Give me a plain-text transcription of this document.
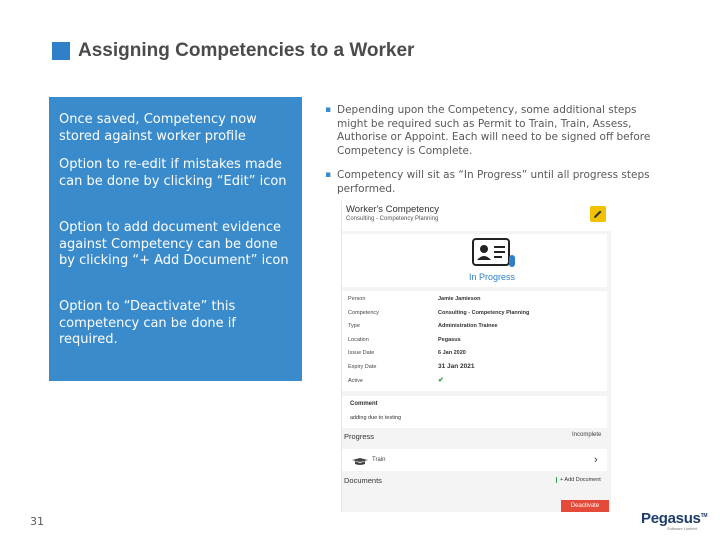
Assigning Competencies to a Worker
Once saved, Competency now stored against worker profile
Option to re-edit if mistakes made can be done by clicking “Edit” icon
Option to add document evidence against Competency can be done by clicking “+ Add Document” icon
Option to “Deactivate” this competency can be done if required.
▪ Depending upon the Competency, some additional steps might be required such as Permit to Train, Train, Assess, Authorise or Appoint. Each will need to be signed off before Competency is Complete.
▪ Competency will sit as “In Progress” until all progress steps performed.
Worker's Competency
Consulting - Competency Planning
In Progress
Person	Jamie Jamieson
Competency	Consulting - Competency Planning
Type	Administration Trainee
Location	Pegasus
Issue Date	6 Jan 2020
Expiry Date	31 Jan 2021
Active	✔
Comment
adding due to testing
Progress	Incomplete
Train	›
Documents	+ Add Document
Deactivate
31	Pegasus™
Software Limited
